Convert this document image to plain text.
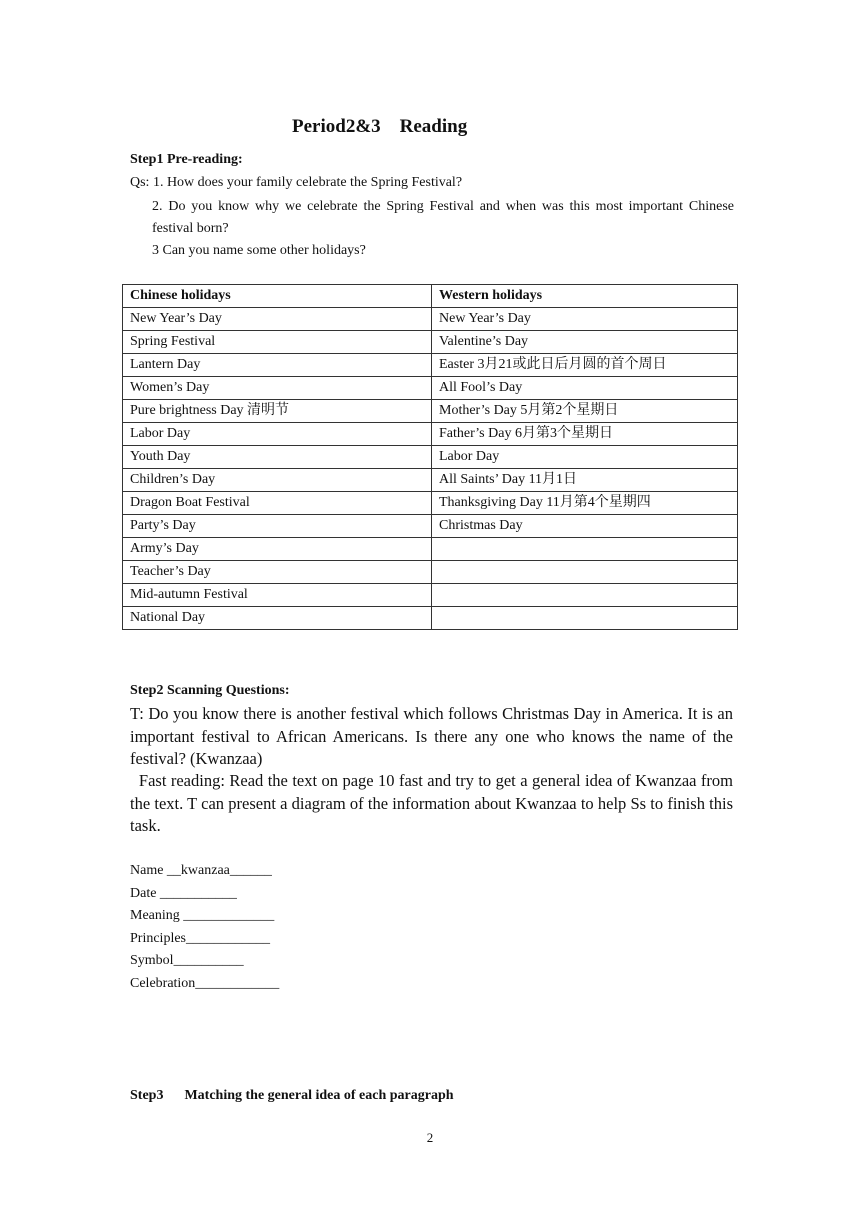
Period2&3    Reading
Step1 Pre-reading:
Qs: 1. How does your family celebrate the Spring Festival?
2. Do you know why we celebrate the Spring Festival and when was this most important Chinese festival born?
3 Can you name some other holidays?
Chinese holidays	Western holidays
New Year’s Day	New Year’s Day
Spring Festival	Valentine’s Day
Lantern Day	Easter 3月21或此日后月圆的首个周日
Women’s Day	All Fool’s Day
Pure brightness Day 清明节	Mother’s Day 5月第2个星期日
Labor Day	Father’s Day 6月第3个星期日
Youth Day	Labor Day
Children’s Day	All Saints’ Day 11月1日
Dragon Boat Festival	Thanksgiving Day 11月第4个星期四
Party’s Day	Christmas Day
Army’s Day	
Teacher’s Day	
Mid-autumn Festival	
National Day	
Step2 Scanning Questions:
T: Do you know there is another festival which follows Christmas Day in America. It is an important festival to African Americans. Is there any one who knows the name of the festival? (Kwanzaa)
Fast reading: Read the text on page 10 fast and try to get a general idea of Kwanzaa from the text. T can present a diagram of the information about Kwanzaa to help Ss to finish this task.
Name __kwanzaa______
Date ___________
Meaning _____________
Principles____________
Symbol__________
Celebration____________
Step3      Matching the general idea of each paragraph
2
